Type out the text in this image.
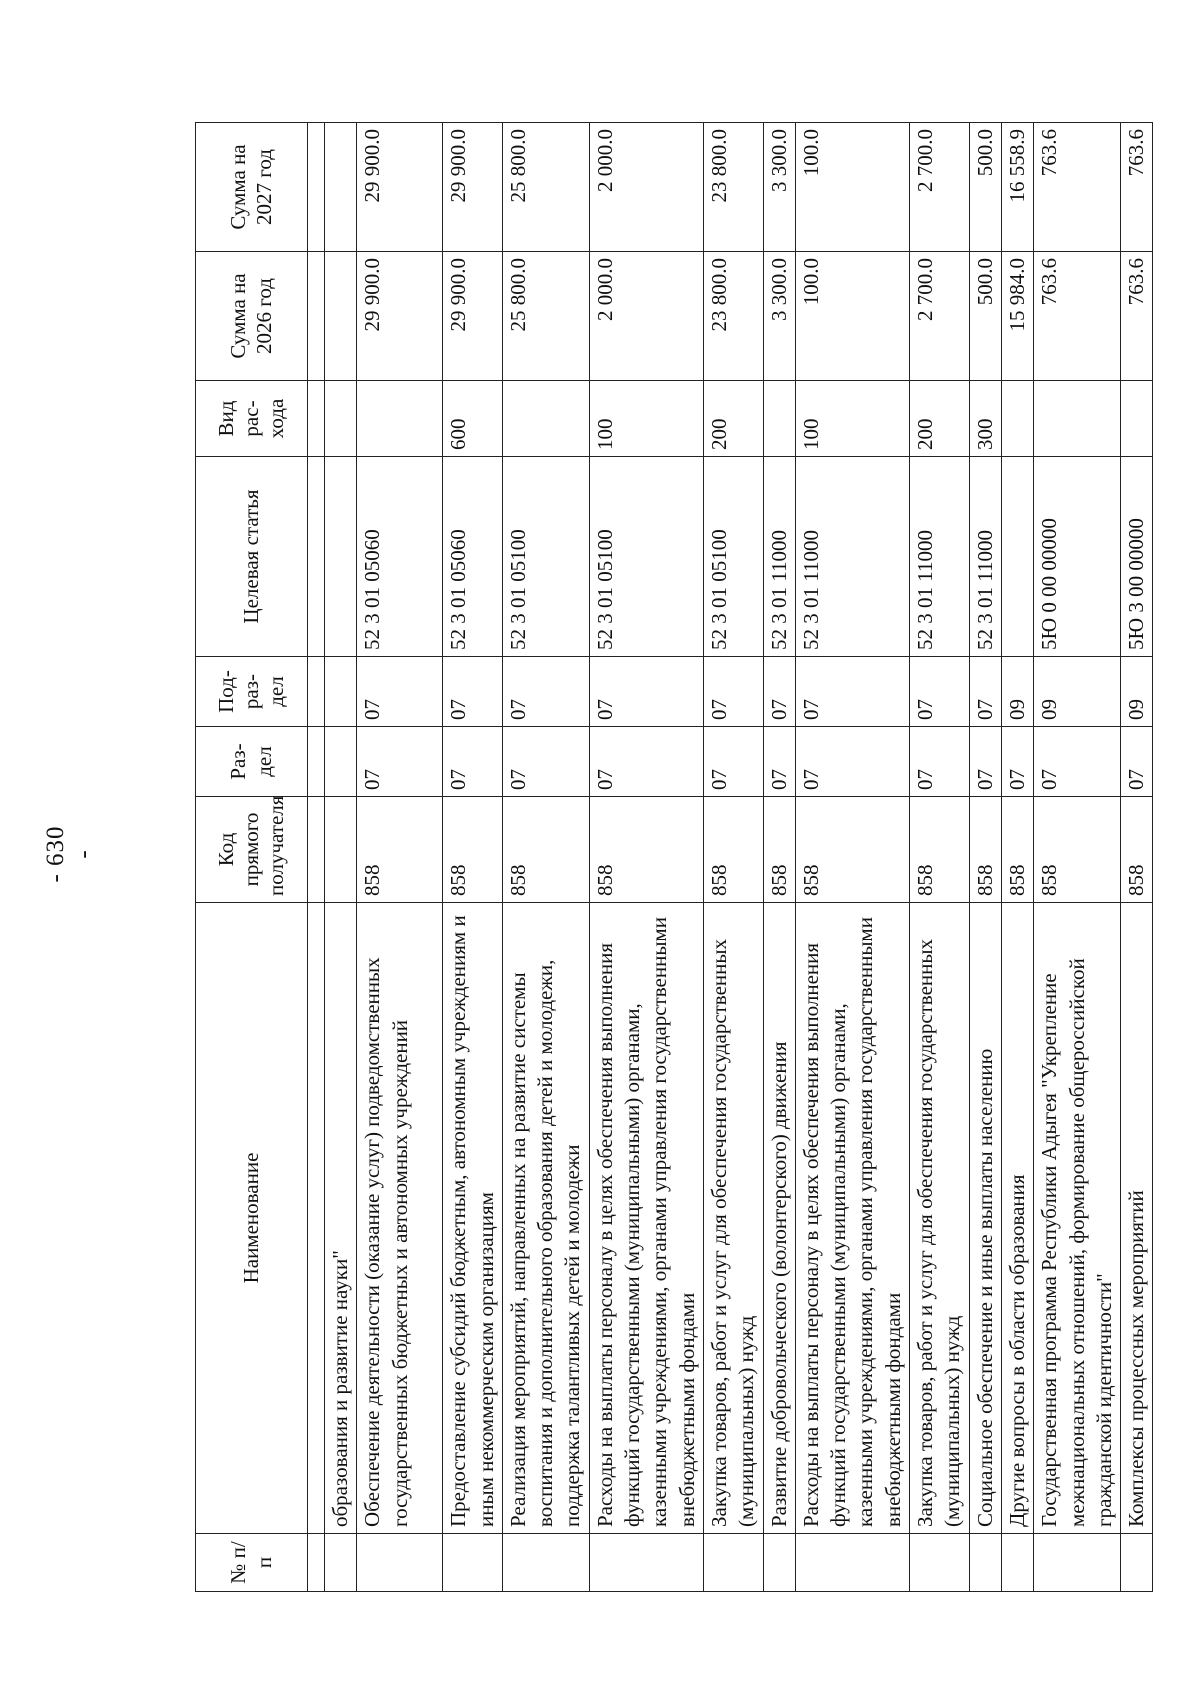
- 630 -
№ п/п	Наименование	Код прямого получателя	Раз-дел	Под-раз-дел	Целевая статья	Вид рас-хода	Сумма на 2026 год	Сумма на 2027 год

	образования и развитие науки"							
	Обеспечение деятельности (оказание услуг) подведомственных государственных бюджетных и автономных учреждений	858	07	07	52 3 01 05060		29 900.0	29 900.0
	Предоставление субсидий бюджетным, автономным учреждениям и иным некоммерческим организациям	858	07	07	52 3 01 05060	600	29 900.0	29 900.0
	Реализация мероприятий, направленных на развитие системы воспитания и дополнительного образования детей и молодежи, поддержка талантливых детей и молодежи	858	07	07	52 3 01 05100		25 800.0	25 800.0
	Расходы на выплаты персоналу в целях обеспечения выполнения функций государственными (муниципальными) органами, казенными учреждениями, органами управления государственными внебюджетными фондами	858	07	07	52 3 01 05100	100	2 000.0	2 000.0
	Закупка товаров, работ и услуг для обеспечения государственных (муниципальных) нужд	858	07	07	52 3 01 05100	200	23 800.0	23 800.0
	Развитие добровольческого (волонтерского) движения	858	07	07	52 3 01 11000		3 300.0	3 300.0
	Расходы на выплаты персоналу в целях обеспечения выполнения функций государственными (муниципальными) органами, казенными учреждениями, органами управления государственными внебюджетными фондами	858	07	07	52 3 01 11000	100	100.0	100.0
	Закупка товаров, работ и услуг для обеспечения государственных (муниципальных) нужд	858	07	07	52 3 01 11000	200	2 700.0	2 700.0
	Социальное обеспечение и иные выплаты населению	858	07	07	52 3 01 11000	300	500.0	500.0
	Другие вопросы в области образования	858	07	09			15 984.0	16 558.9
	Государственная программа Республики Адыгея "Укрепление межнациональных отношений, формирование общероссийской гражданской идентичности"	858	07	09	5Ю 0 00 00000		763.6	763.6
	Комплексы процессных мероприятий	858	07	09	5Ю 3 00 00000		763.6	763.6
